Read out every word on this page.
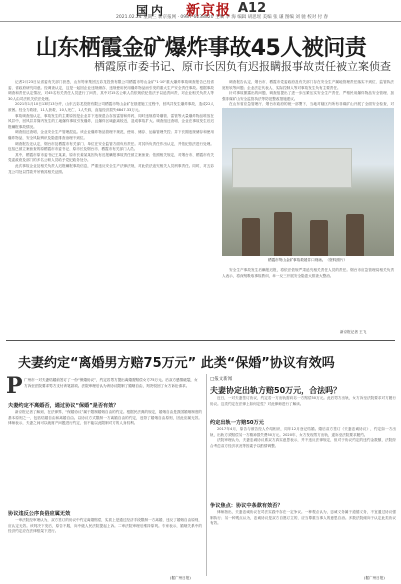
国内 新京报 A12
2021.02.24 星期三 新京报网 · 0987-6238820 主编 李 海 编辑 胡思瑶 美编 张 谦 图编 刘 驰 校对 付 春
山东栖霞金矿爆炸事故45人被问责
栖霞原市委书记、原市长因负有迟报瞒报事故责任被立案侦查

记者2月23日从省委有关部门获悉，山东笏家集团五彩龙投资有限公司栖霞市笏山金矿"1·10"重大爆炸事故调查报告已经省委、省政府研究同意。经调查认定，这是一起因企业违规储存、违规使用民用爆炸物品而引发的重大生产安全责任事故。根据事故调查和责任认定情况，对45名有关责任人员进行了问责，其中对15名公职人员依规依纪依法予以追责问责，对企业相关负责人等30人由司法机关依法处理。

2021年1月10日13时13分许，山东五彩龙投资有限公司栖霞市笏山金矿在基建施工过程中，回风井发生爆炸事故，造成22人被困。经全力救援，11人获救，10人死亡，1人失踪，直接经济损失6847.33万元。

事故调查组认定，事故发生的主要原因是企业井下违规混合存放雷管和炸药，同时违规将导爆管、雷管等大量爆炸物品堆放在风井中，回风井井筒内发生的工地爆炸事故引发爆炸，且爆炸区域距离较近，造成事故扩大。调查组还查明，企业在事故发生后迟报瞒报事故情况。

调查组还查明，企业安全生产管理混乱。该企业爆炸物品管理不规范，使用、储存、运输管理失控；井下长期违规储存和使用爆炸物品，安全风险辨识及隐患排查治理不到位。

调查报告还认定，烟台市及栖霞市有关部门、单位在安全监管方面负有责任。对其所负责任作出认定，并依纪依法进行处理。包括已被立案侦查的原栖霞市市委书记、原市长及烟台市、栖霞市有关部门人员。

其中，栖霞市原市委书记王某某、原市长姜某某因负有迟报瞒报事故责任被立案侦查；依照相关规定，对烟台市、栖霞市有关党委政府及部门的多名公职人员给予党纪政务处分。

此次事故企业及相关负责人迟报瞒报事故信息，严重违反安全生产法律法规，对此依法追究相关人员刑事责任。同时，对五彩龙公司处以罚款并吊销其相关证照。

调查报告认定，烟台市、栖霞市党委政府及有关部门存在安全生产属地管理责任落实不到位、监管执法宽松软等问题；企业法定代表人、实际控制人等对事故发生负有主要责任。

针对事故暴露出的问题，调查组提出了进一步压紧压实安全生产责任、严格民用爆炸物品安全管理、加强非煤矿山安全监管执法等防范整改措施建议。

在山东省应急管理厅、烟台市政府的统一部署下，当地对辖区内所有非煤矿山开展了全面安全检查，对

栖霞市笏山金矿事故救援井口现场。（资料照片）

安全生产事故发生后瞒报迟报，将依法依规严肃追究相关责任人员的责任。烟台市应急管理局相关负责人表示，将深刻吸取事故教训，举一反三开展安全隐患大排查大整治。

新京报记者 王飞
夫妻约定“离婚男方赔75万元” 此类“保婚”协议有效吗
P 广州市一对夫妻结婚前签订了一份“保婚协议”，约定若男方提出离婚需赔偿女方75万元。后双方感情破裂，女方诉至法院要求男方支付该笔款项。法院审理后认为该协议限制了婚姻自由，判决驳回了女方诉讼请求。
夫妻约定不离婚否，通过协议“保婚”是否有效？

新京报记者了解到，在法律界，“保婚协议”属于限制婚姻自由的约定。根据民法典的规定，婚姻自由是我国婚姻制度的基本原则之一，包括结婚自由和离婚自由。以协议方式限制一方离婚自由的约定，违背了婚姻自由原则，因此应属无效。律师表示，夫妻之间可以就财产问题进行约定，但不能以此限制对方的人身权利。

协议违反公序良俗应属无效

一审法院经审理认为，双方签订的协议中约定离婚赔偿，实质上是通过经济手段限制一方离婚，违反了婚姻自由原则，应认定无效。该判决下发后，原告不服，向中级人民法院提起上诉。二审法院审理后维持原判。专家表示，婚姻关系中的经济约定应在法律框架下进行。

(据广州日报)
□报文新闻
夫妻协定出轨方赔50万元，合法吗？

近日，一对夫妻签订协议，约定若一方出轨需向另一方赔偿50万元。此后男方出轨，女方诉至法院要求对方履行协议。这类约定在法律上如何定性？对此律师进行了解读。

约定出轨一方赔50万元

2017年4月，原告与被告经人介绍相识，同年12月登记结婚。婚后双方签订《夫妻忠诚协议》，约定如一方出轨，出轨方须赔偿另一方精神损失费50万元。2020年，女方发现男方出轨，遂诉至法院要求履约。

法院审理认为，夫妻忠诚协议系双方真实意思表示，并不违反法律规定，但对于协议约定的违约金数额，法院综合考虑双方经济状况等因素予以酌情调整。

争议焦点：协议中条款有效否？

律师指出，夫妻忠诚协议在司法实践中存在一定争议。一种观点认为，忠诚义务属于道德义务，不宜通过协议强制执行；另一种观点认为，忠诚协议是双方自愿订立的，应当尊重当事人的意思自治。多数法院倾向于认定此类协议有效。

(据广州日报)
